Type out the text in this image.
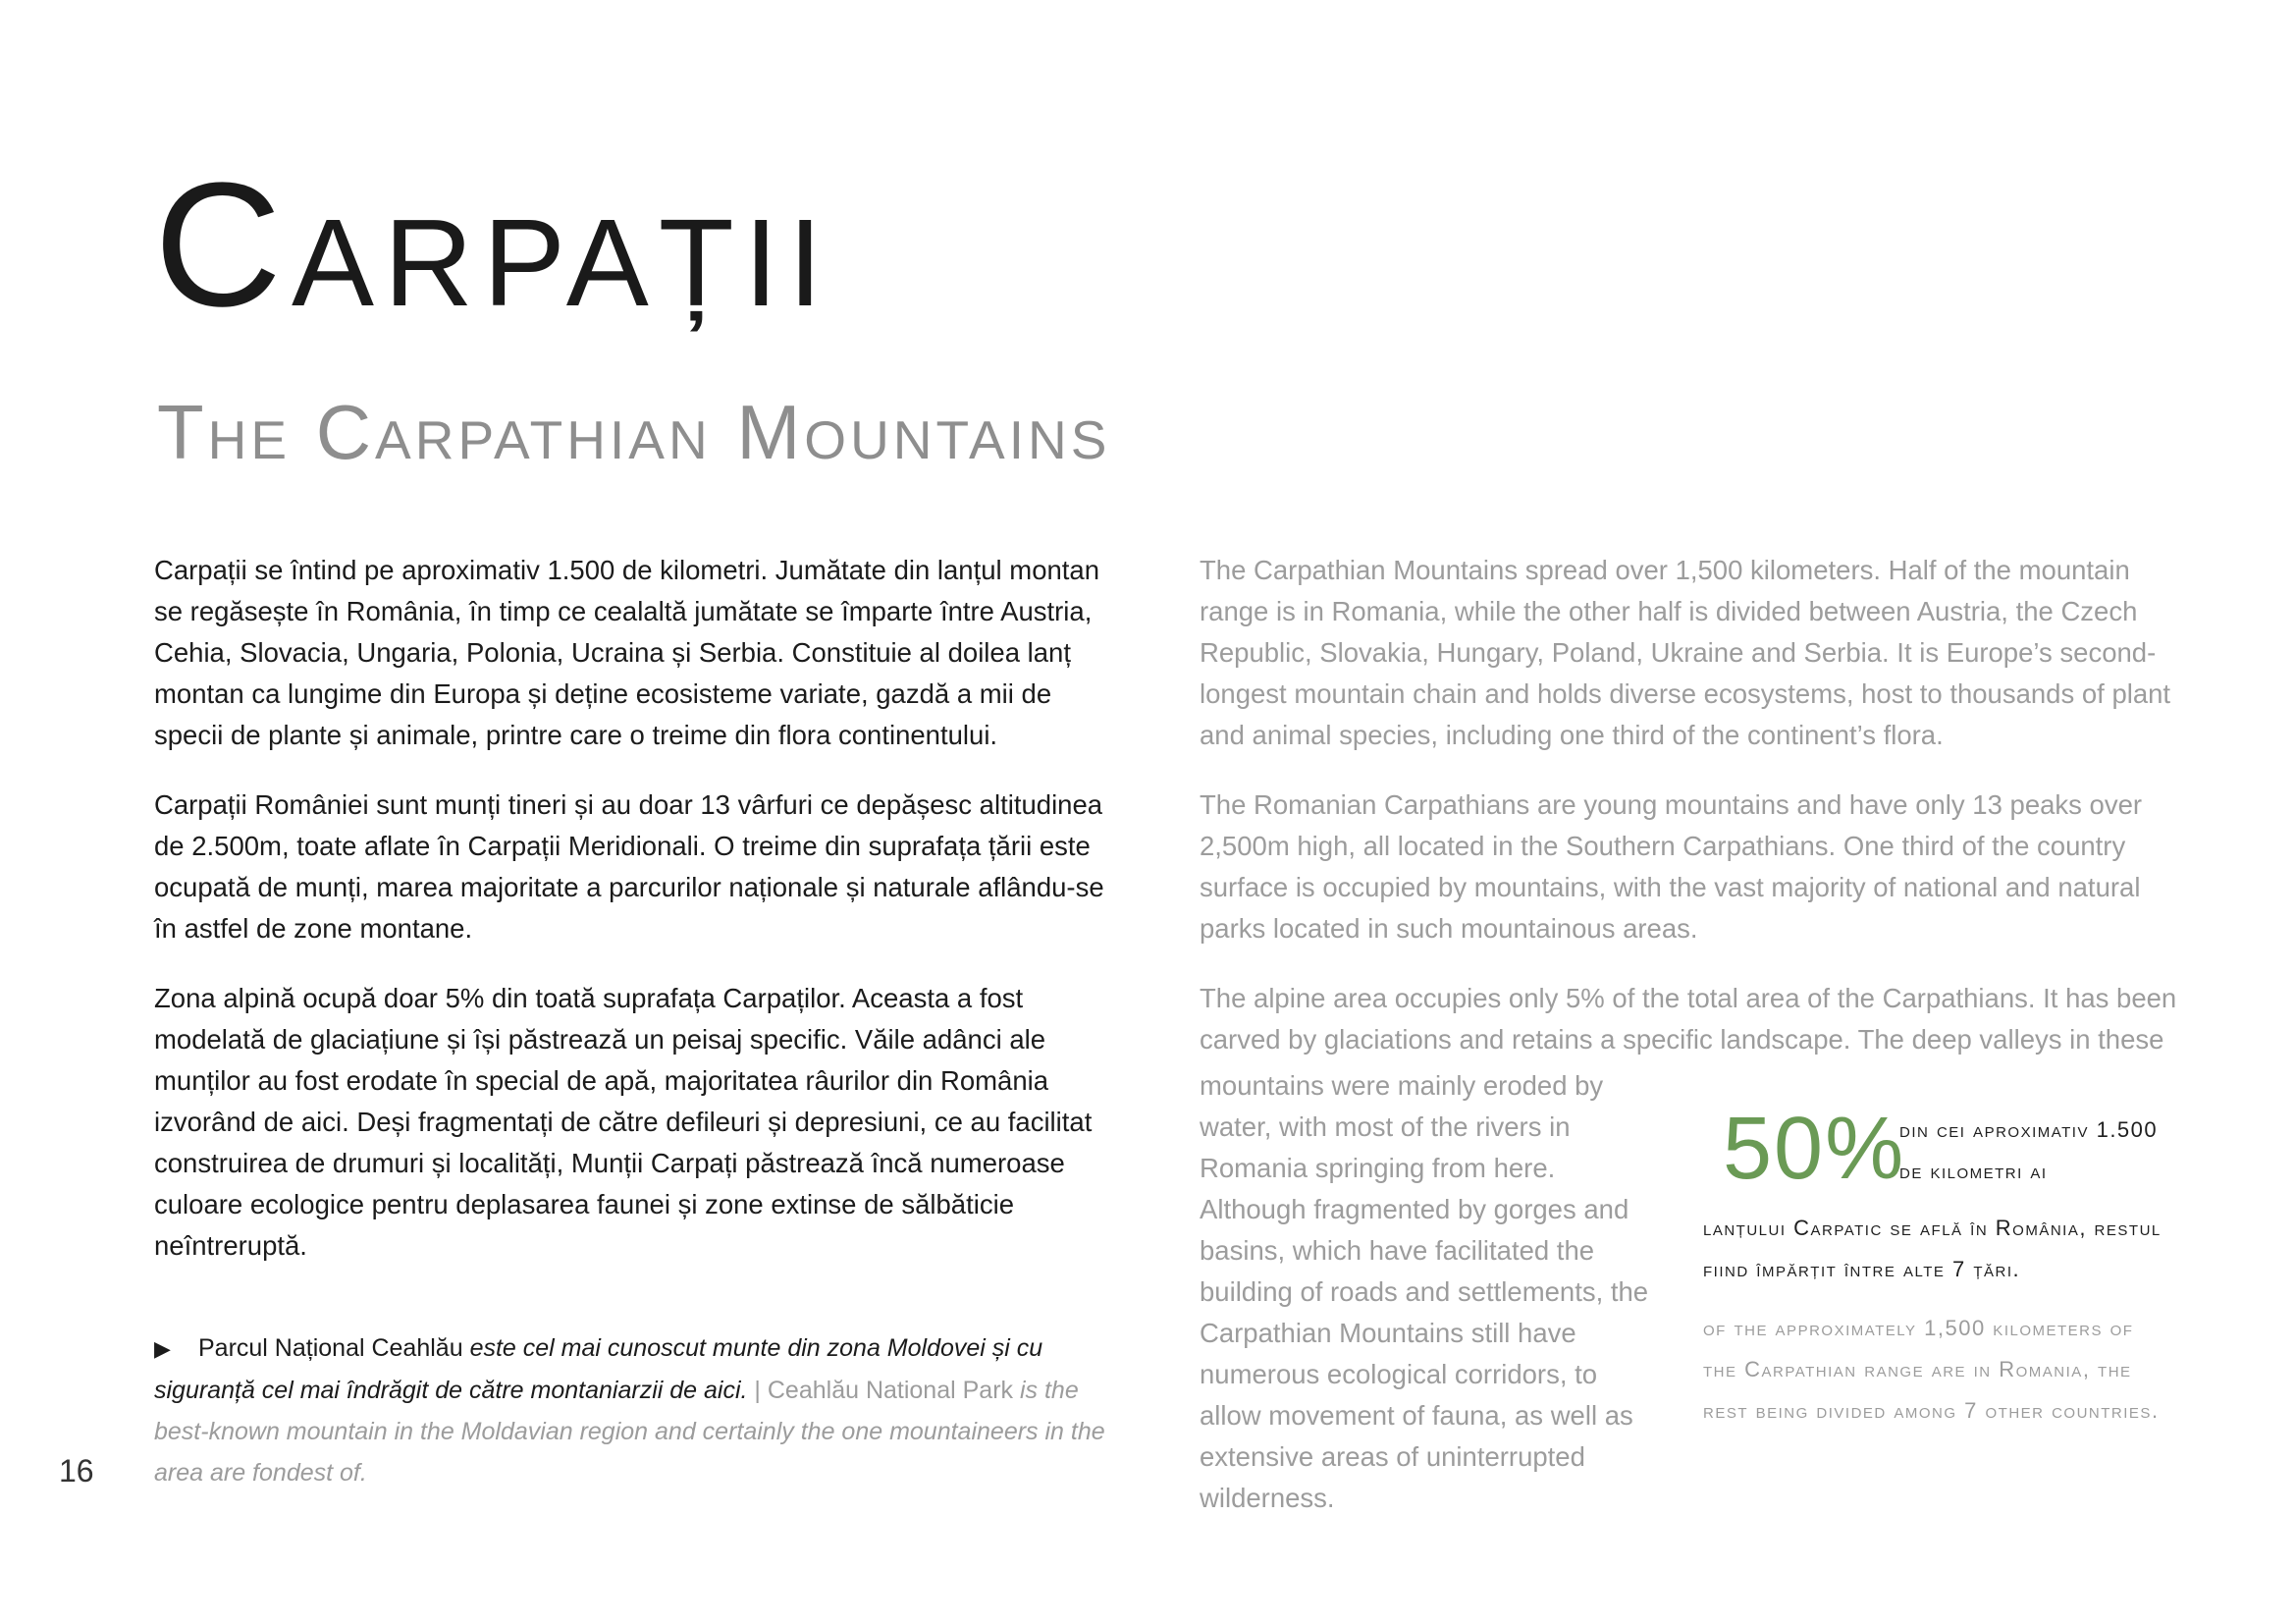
Carpații
The Carpathian Mountains

Carpații se întind pe aproximativ 1.500 de kilometri. Jumătate din lanțul montan se regăsește în România, în timp ce cealaltă jumătate se împarte între Austria, Cehia, Slovacia, Ungaria, Polonia, Ucraina și Serbia. Constituie al doilea lanț montan ca lungime din Europa și deține ecosisteme variate, gazdă a mii de specii de plante și animale, printre care o treime din flora continentului.

Carpații României sunt munți tineri și au doar 13 vârfuri ce depășesc altitudinea de 2.500m, toate aflate în Carpații Meridionali. O treime din suprafața țării este ocupată de munți, marea majoritate a parcurilor naționale și naturale aflându-se în astfel de zone montane.

Zona alpină ocupă doar 5% din toată suprafața Carpaților. Aceasta a fost modelată de glaciațiune și își păstrează un peisaj specific. Văile adânci ale munților au fost erodate în special de apă, majoritatea râurilor din România izvorând de aici. Deși fragmentați de către defileuri și depresiuni, ce au facilitat construirea de drumuri și localități, Munții Carpați păstrează încă numeroase culoare ecologice pentru deplasarea faunei și zone extinse de sălbăticie neîntreruptă.

The Carpathian Mountains spread over 1,500 kilometers. Half of the mountain range is in Romania, while the other half is divided between Austria, the Czech Republic, Slovakia, Hungary, Poland, Ukraine and Serbia. It is Europe’s second-longest mountain chain and holds diverse ecosystems, host to thousands of plant and animal species, including one third of the continent’s flora.

The Romanian Carpathians are young mountains and have only 13 peaks over 2,500m high, all located in the Southern Carpathians. One third of the country surface is occupied by mountains, with the vast majority of national and natural parks located in such mountainous areas.

The alpine area occupies only 5% of the total area of the Carpathians. It has been carved by glaciations and retains a specific landscape. The deep valleys in these

mountains were mainly eroded by water, with most of the rivers in Romania springing from here. Although fragmented by gorges and basins, which have facilitated the building of roads and settlements, the Carpathian Mountains still have numerous ecological corridors, to allow movement of fauna, as well as extensive areas of uninterrupted wilderness.

50%
din cei aproximativ 1.500 de kilometri ai

lanțului Carpatic se află în România, restul fiind împărțit între alte 7 țări.

of the approximately 1,500 kilometers of the Carpathian range are in Romania, the rest being divided among 7 other countries.
▶ Parcul Național Ceahlău este cel mai cunoscut munte din zona Moldovei și cu siguranță cel mai îndrăgit de către montaniarzii de aici. | Ceahlău National Park is the best-known mountain in the Moldavian region and certainly the one mountaineers in the area are fondest of.
16
